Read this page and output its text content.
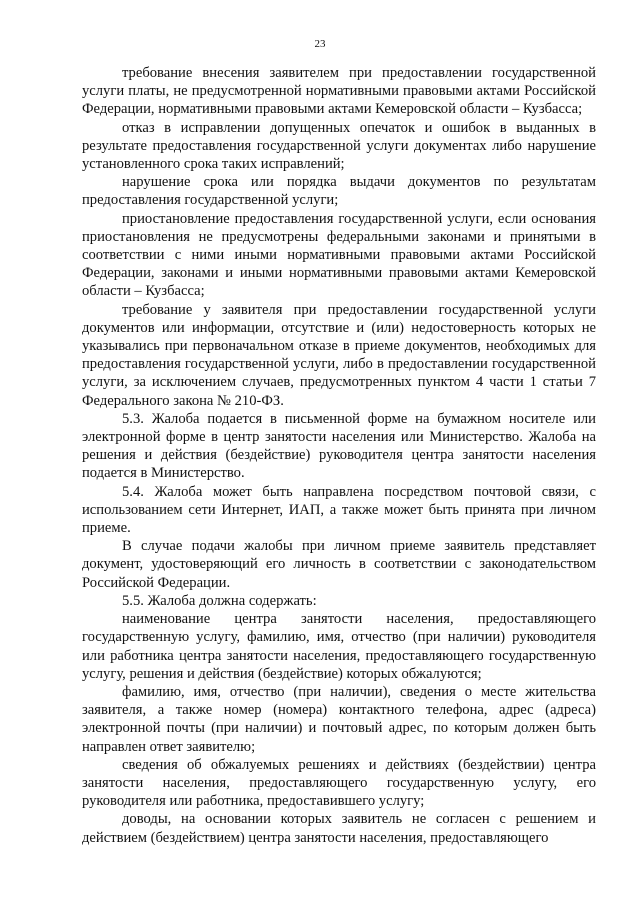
23

требование внесения заявителем при предоставлении государственной услуги платы, не предусмотренной нормативными правовыми актами Российской Федерации, нормативными правовыми актами Кемеровской области – Кузбасса;

отказ в исправлении допущенных опечаток и ошибок в выданных в результате предоставления государственной услуги документах либо нарушение установленного срока таких исправлений;

нарушение срока или порядка выдачи документов по результатам предоставления государственной услуги;

приостановление предоставления государственной услуги, если основания приостановления не предусмотрены федеральными законами и принятыми в соответствии с ними иными нормативными правовыми актами Российской Федерации, законами и иными нормативными правовыми актами Кемеровской области – Кузбасса;

требование у заявителя при предоставлении государственной услуги документов или информации, отсутствие и (или) недостоверность которых не указывались при первоначальном отказе в приеме документов, необходимых для предоставления государственной услуги, либо в предоставлении государственной услуги, за исключением случаев, предусмотренных пунктом 4 части 1 статьи 7 Федерального закона № 210-ФЗ.

5.3. Жалоба подается в письменной форме на бумажном носителе или электронной форме в центр занятости населения или Министерство. Жалоба на решения и действия (бездействие) руководителя центра занятости населения подается в Министерство.

5.4. Жалоба может быть направлена посредством почтовой связи, с использованием сети Интернет, ИАП, а также может быть принята при личном приеме.

В случае подачи жалобы при личном приеме заявитель представляет документ, удостоверяющий его личность в соответствии с законодательством Российской Федерации.

5.5. Жалоба должна содержать:

наименование центра занятости населения, предоставляющего государственную услугу, фамилию, имя, отчество (при наличии) руководителя или работника центра занятости населения, предоставляющего государственную услугу, решения и действия (бездействие) которых обжалуются;

фамилию, имя, отчество (при наличии), сведения о месте жительства заявителя, а также номер (номера) контактного телефона, адрес (адреса) электронной почты (при наличии) и почтовый адрес, по которым должен быть направлен ответ заявителю;

сведения об обжалуемых решениях и действиях (бездействии) центра занятости населения, предоставляющего государственную услугу, его руководителя или работника, предоставившего услугу;

доводы, на основании которых заявитель не согласен с решением и действием (бездействием) центра занятости населения, предоставляющего
